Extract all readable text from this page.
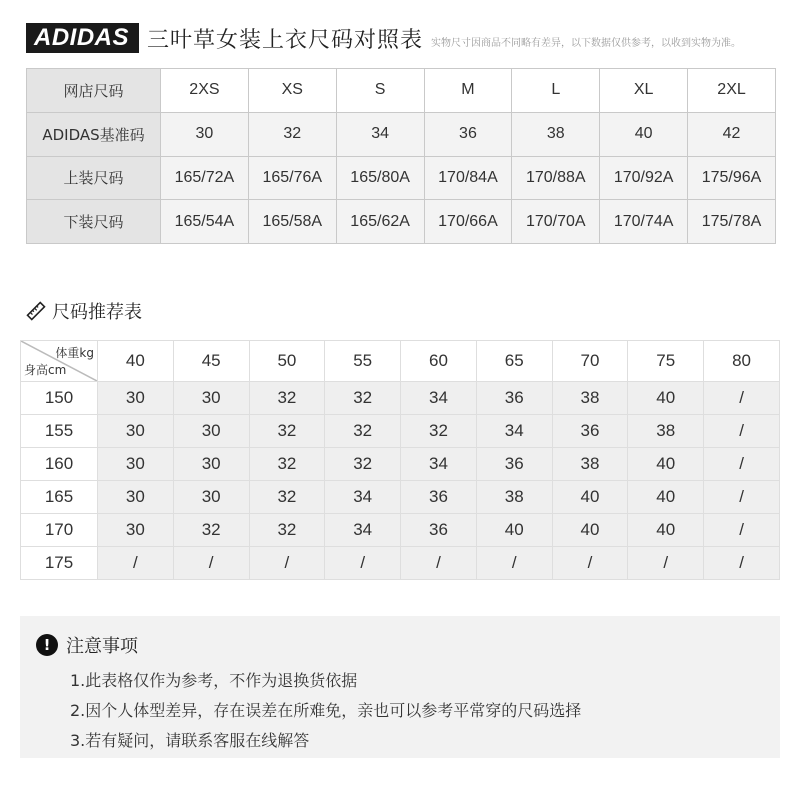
ADIDAS 三叶草女装上衣尺码对照表 实物尺寸因商品不同略有差异，以下数据仅供参考，以收到实物为准。
网店尺码	2XS	XS	S	M	L	XL	2XL
ADIDAS基准码	30	32	34	36	38	40	42
上装尺码	165/72A	165/76A	165/80A	170/84A	170/88A	170/92A	175/96A
下装尺码	165/54A	165/58A	165/62A	170/66A	170/70A	170/74A	175/78A
尺码推荐表
体重kg
身高cm	40	45	50	55	60	65	70	75	80
150	30	30	32	32	34	36	38	40	/
155	30	30	32	32	32	34	36	38	/
160	30	30	32	32	34	36	38	40	/
165	30	30	32	34	36	38	40	40	/
170	30	32	32	34	36	40	40	40	/
175	/	/	/	/	/	/	/	/	/
! 注意事项
1.此表格仅作为参考，不作为退换货依据
2.因个人体型差异，存在误差在所难免，亲也可以参考平常穿的尺码选择
3.若有疑问，请联系客服在线解答
